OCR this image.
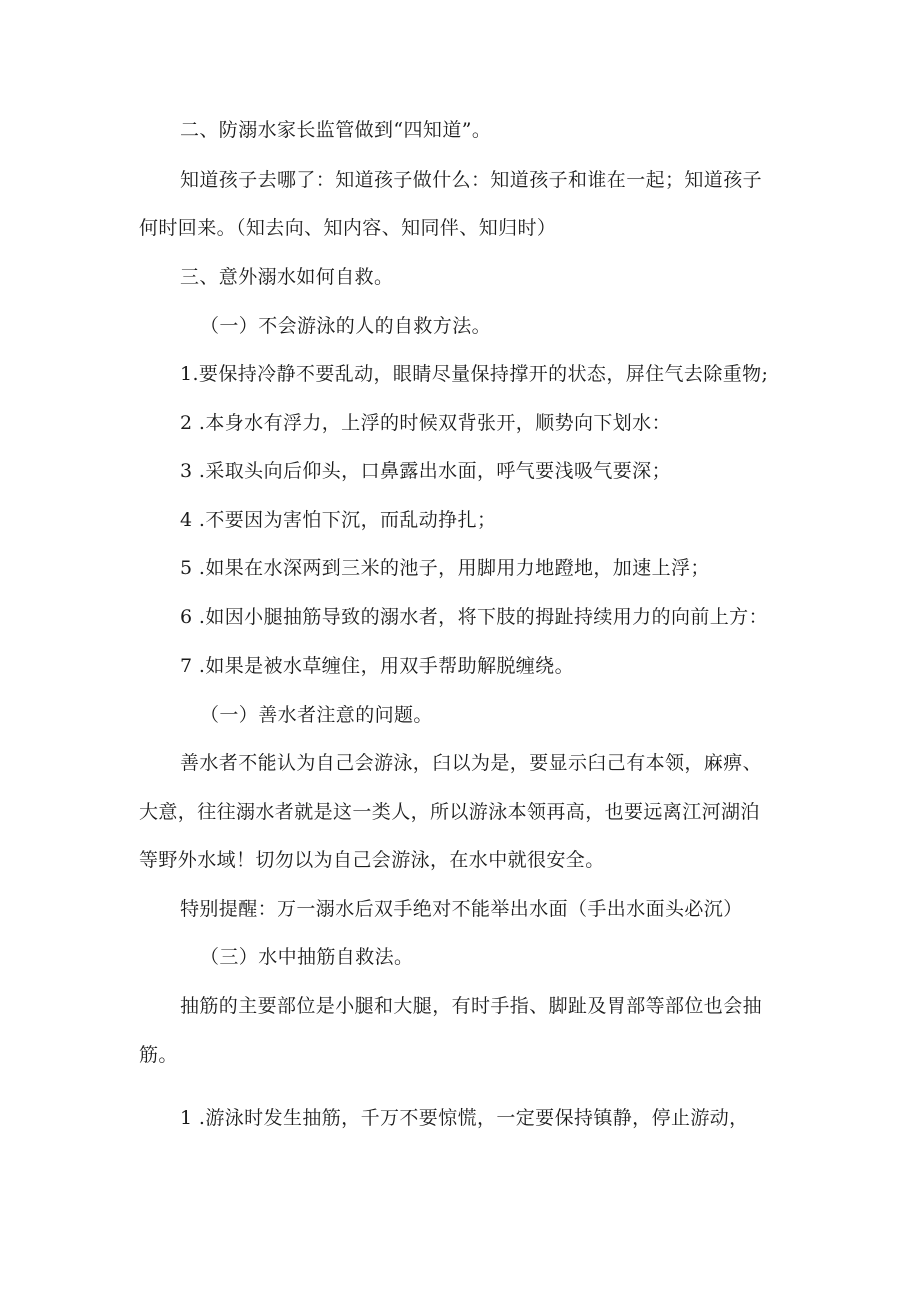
二、防溺水家长监管做到“四知道”。
知道孩子去哪了：知道孩子做什么：知道孩子和谁在一起；知道孩子
何时回来。（知去向、知内容、知同伴、知归时）
三、意外溺水如何自救。
（一）不会游泳的人的自救方法。
1.要保持冷静不要乱动，眼睛尽量保持撑开的状态，屏住气去除重物;
2 .本身水有浮力，上浮的时候双背张开，顺势向下划水：
3 .采取头向后仰头，口鼻露出水面，呼气要浅吸气要深；
4 .不要因为害怕下沉，而乱动挣扎；
5 .如果在水深两到三米的池子，用脚用力地蹬地，加速上浮；
6 .如因小腿抽筋导致的溺水者，将下肢的拇趾持续用力的向前上方：
7 .如果是被水草缠住，用双手帮助解脱缠绕。
（一）善水者注意的问题。
善水者不能认为自己会游泳，臼以为是，要显示臼己有本领，麻痹、
大意，往往溺水者就是这一类人，所以游泳本领再高，也要远离江河湖泊
等野外水域！切勿以为自己会游泳，在水中就很安全。
特别提醒：万一溺水后双手绝对不能举出水面（手出水面头必沉）
（三）水中抽筋自救法。
抽筋的主要部位是小腿和大腿，有时手指、脚趾及胃部等部位也会抽
筋。
1 .游泳时发生抽筋，千万不要惊慌，一定要保持镇静，停止游动，
